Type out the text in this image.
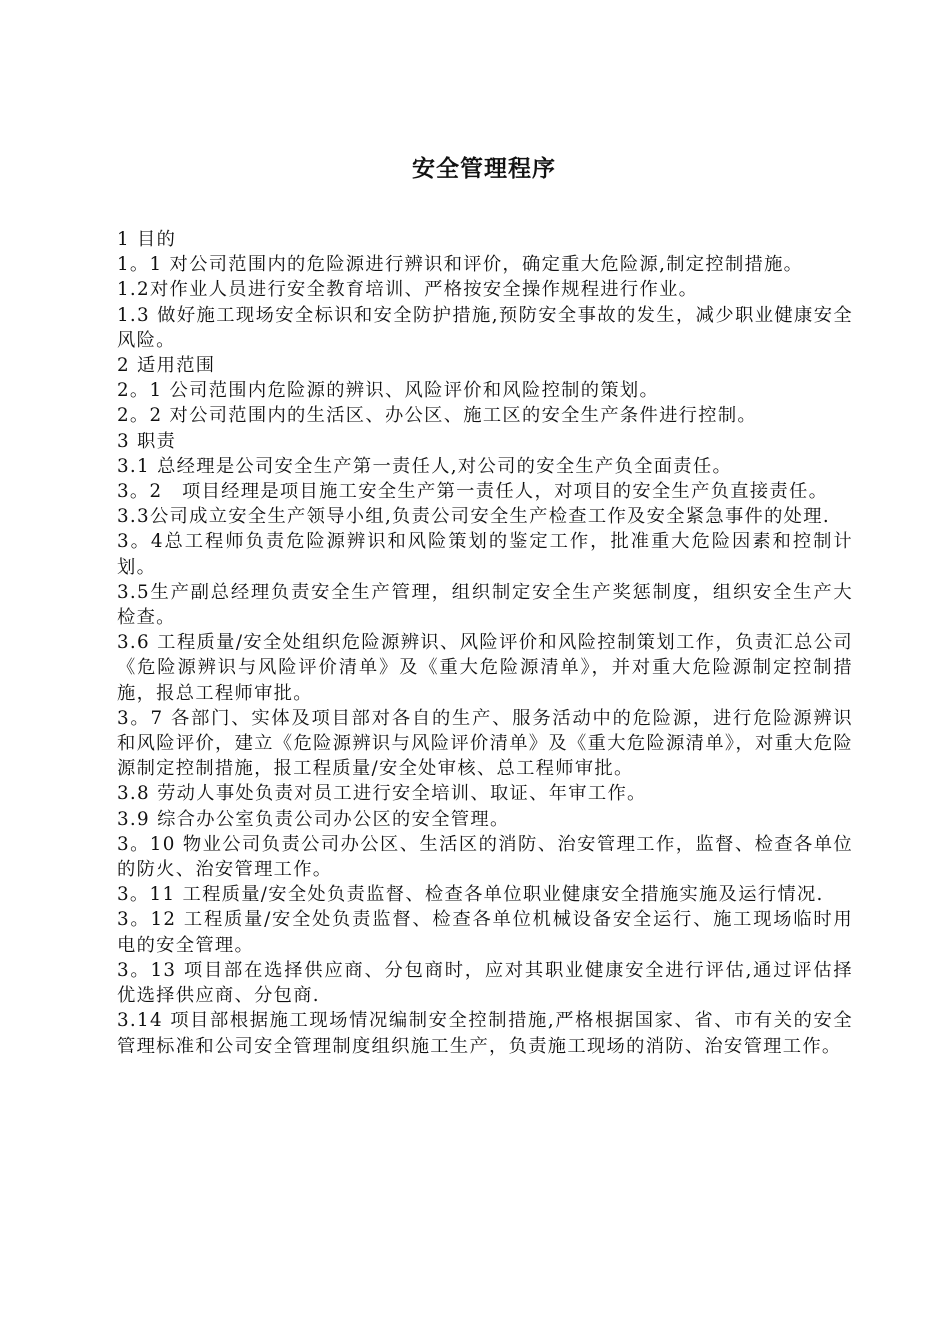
安全管理程序

1 目的

1。1 对公司范围内的危险源进行辨识和评价，确定重大危险源,制定控制措施。

1.2对作业人员进行安全教育培训、严格按安全操作规程进行作业。

1.3 做好施工现场安全标识和安全防护措施,预防安全事故的发生，减少职业健康安全风险。

2 适用范围

2。1 公司范围内危险源的辨识、风险评价和风险控制的策划。

2。2 对公司范围内的生活区、办公区、施工区的安全生产条件进行控制。

3 职责

3.1 总经理是公司安全生产第一责任人,对公司的安全生产负全面责任。

3。2　项目经理是项目施工安全生产第一责任人，对项目的安全生产负直接责任。

3.3公司成立安全生产领导小组,负责公司安全生产检查工作及安全紧急事件的处理.

3。4总工程师负责危险源辨识和风险策划的鉴定工作，批准重大危险因素和控制计划。

3.5生产副总经理负责安全生产管理，组织制定安全生产奖惩制度，组织安全生产大检查。

3.6 工程质量/安全处组织危险源辨识、风险评价和风险控制策划工作，负责汇总公司《危险源辨识与风险评价清单》及《重大危险源清单》，并对重大危险源制定控制措施，报总工程师审批。

3。7 各部门、实体及项目部对各自的生产、服务活动中的危险源，进行危险源辨识和风险评价，建立《危险源辨识与风险评价清单》及《重大危险源清单》，对重大危险源制定控制措施，报工程质量/安全处审核、总工程师审批。

3.8 劳动人事处负责对员工进行安全培训、取证、年审工作。

3.9 综合办公室负责公司办公区的安全管理。

3。10 物业公司负责公司办公区、生活区的消防、治安管理工作，监督、检查各单位的防火、治安管理工作。

3。11 工程质量/安全处负责监督、检查各单位职业健康安全措施实施及运行情况.

3。12 工程质量/安全处负责监督、检查各单位机械设备安全运行、施工现场临时用电的安全管理。

3。13 项目部在选择供应商、分包商时，应对其职业健康安全进行评估,通过评估择优选择供应商、分包商.

3.14 项目部根据施工现场情况编制安全控制措施,严格根据国家、省、市有关的安全管理标准和公司安全管理制度组织施工生产，负责施工现场的消防、治安管理工作。
